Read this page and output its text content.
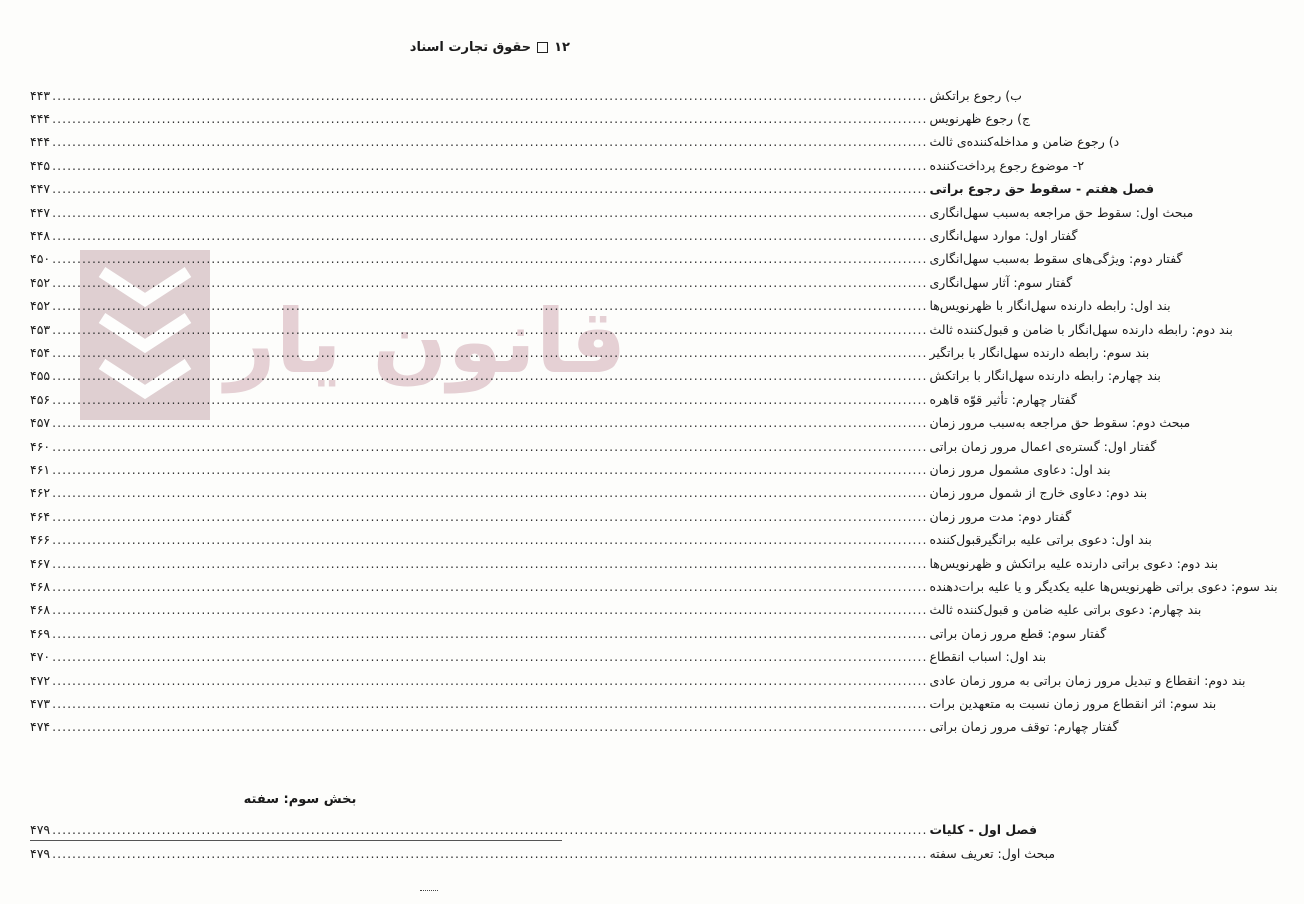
۱۲
حقوق تجارت اسناد
قانون یار
۴۴۳	ب) رجوع براتکش
.....
۴۴۴	ج) رجوع ظهرنویس
.....
۴۴۴	د) رجوع ضامن و مداخله‌کننده‌ی ثالث
.....
۴۴۵	۲- موضوع رجوع پرداخت‌کننده
.....
۴۴۷	فصل هفتم - سقوط حق رجوع براتی
.....
۴۴۷	مبحث اول: سقوط حق مراجعه به‌سبب سهل‌انگاری
.....
۴۴۸	گفتار اول: موارد سهل‌انگاری
.....
۴۵۰	گفتار دوم: ویژگی‌های سقوط به‌سبب سهل‌انگاری
.....
۴۵۲	گفتار سوم: آثار سهل‌انگاری
.....
۴۵۲	بند اول: رابطه دارنده سهل‌انگار با ظهرنویس‌ها
.....
۴۵۳	بند دوم: رابطه دارنده سهل‌انگار با ضامن و قبول‌کننده ثالث
.....
۴۵۴	بند سوم: رابطه دارنده سهل‌انگار با براتگیر
.....
۴۵۵	بند چهارم: رابطه دارنده سهل‌انگار با براتکش
.....
۴۵۶	گفتار چهارم: تأثیر قوّه قاهره
.....
۴۵۷	مبحث دوم: سقوط حق مراجعه به‌سبب مرور زمان
.....
۴۶۰	گفتار اول: گستره‌ی اعمال مرور زمان براتی
.....
۴۶۱	بند اول: دعاوی مشمول مرور زمان
.....
۴۶۲	بند دوم: دعاوی خارج از شمول مرور زمان
.....
۴۶۴	گفتار دوم: مدت مرور زمان
.....
۴۶۶	بند اول: دعوی براتی علیه براتگیرقبول‌کننده
.....
۴۶۷	بند دوم: دعوی براتی دارنده علیه براتکش و ظهرنویس‌ها
.....
۴۶۸	بند سوم: دعوی براتی ظهرنویس‌ها علیه یکدیگر و یا علیه برات‌دهنده
.....
۴۶۸	بند چهارم: دعوی براتی علیه ضامن و قبول‌کننده ثالث
.....
۴۶۹	گفتار سوم: قطع مرور زمان براتی
.....
۴۷۰	بند اول: اسباب انقطاع
.....
۴۷۲	بند دوم: انقطاع و تبدیل مرور زمان براتی به مرور زمان عادی
.....
۴۷۳	بند سوم: اثر انقطاع مرور زمان نسبت به متعهدین برات
.....
۴۷۴	گفتار چهارم: توقف مرور زمان براتی
.....
بخش سوم: سفته
۴۷۹	فصل اول - کلیات
.....
۴۷۹	مبحث اول: تعریف سفته
.....
